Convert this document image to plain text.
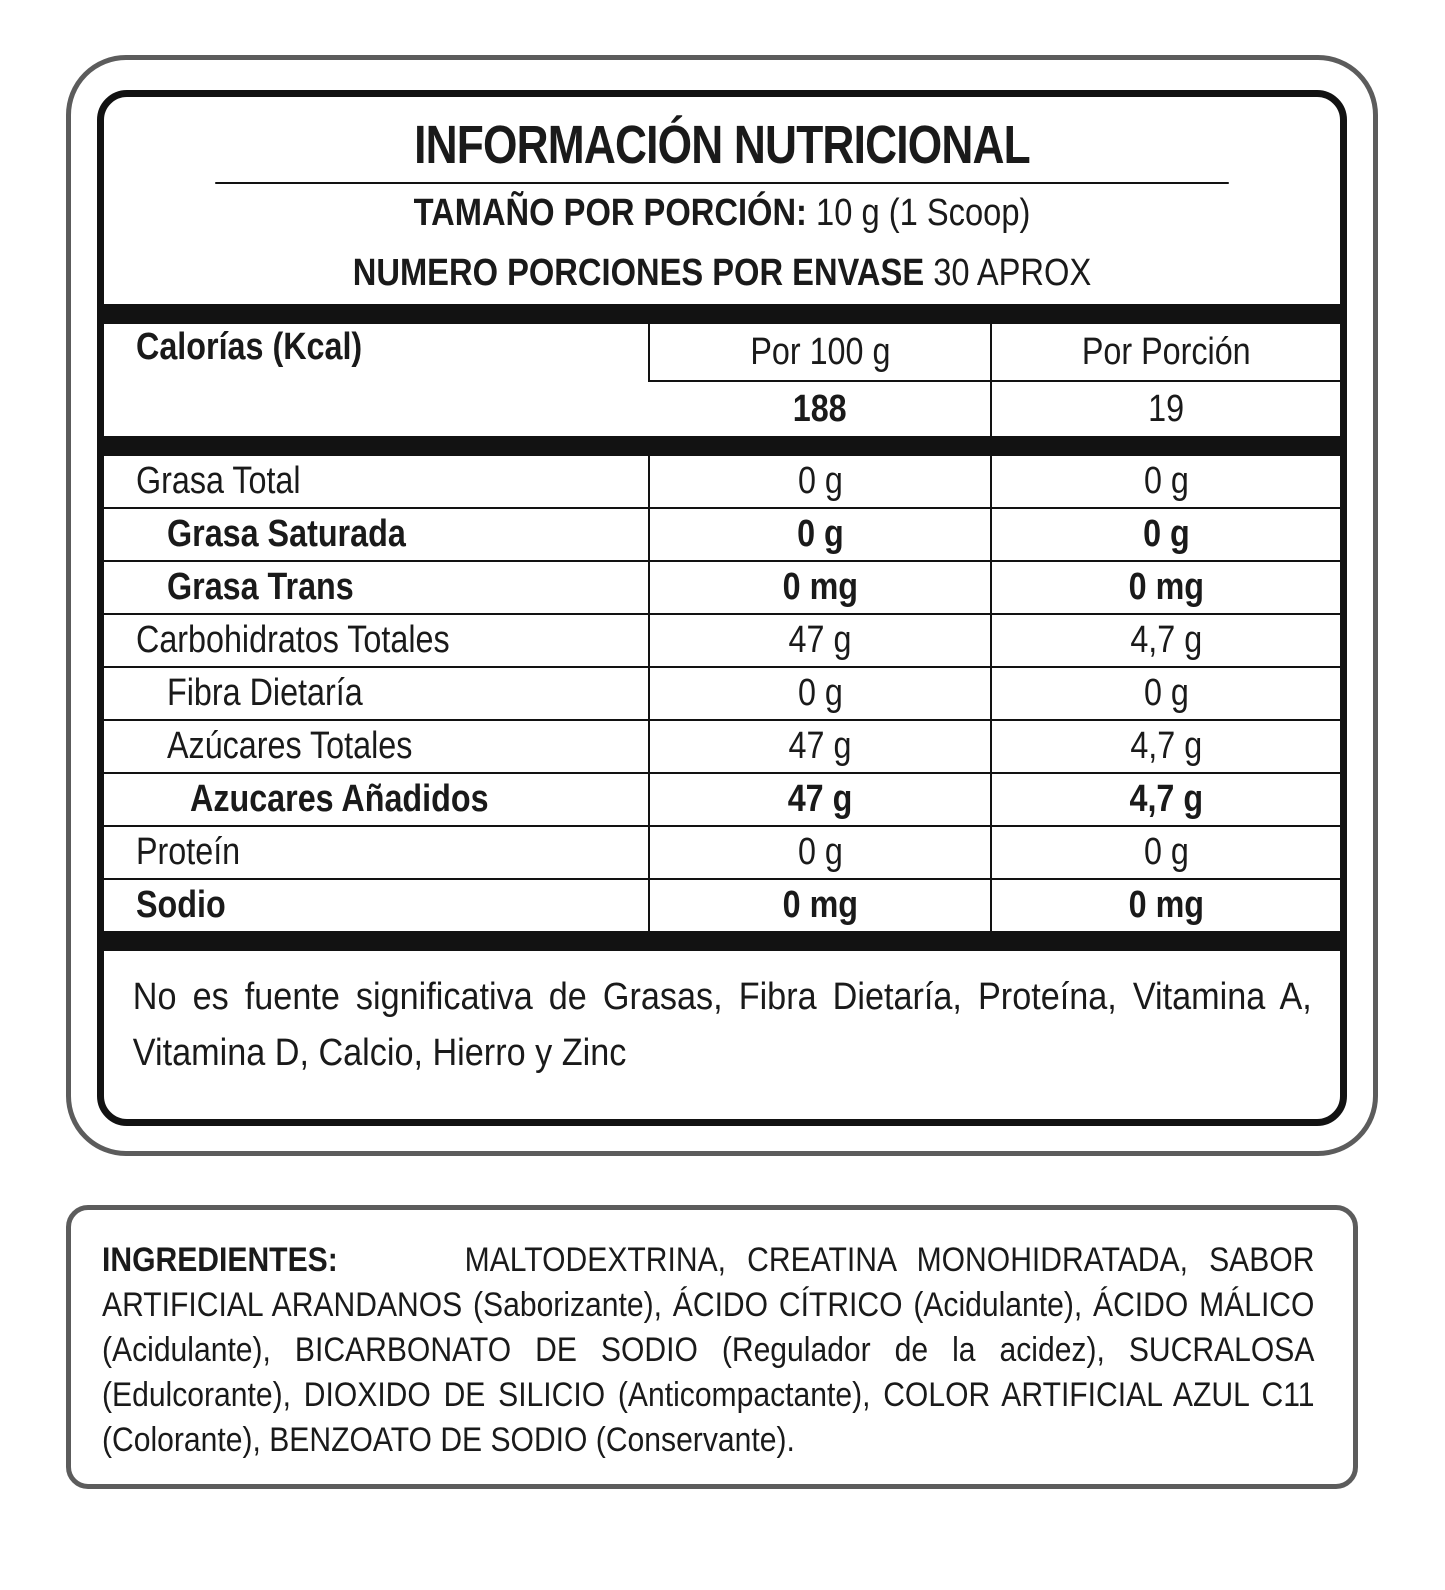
INFORMACIÓN NUTRICIONAL
TAMAÑO POR PORCIÓN: 10 g (1 Scoop)
NUMERO PORCIONES POR ENVASE 30 APROX
Calorías (Kcal)	Por 100 g	Por Porción
	188	19
Grasa Total	0 g	0 g
Grasa Saturada	0 g	0 g
Grasa Trans	0 mg	0 mg
Carbohidratos Totales	47 g	4,7 g
Fibra Dietaría	0 g	0 g
Azúcares Totales	47 g	4,7 g
Azucares Añadidos	47 g	4,7 g
Proteín	0 g	0 g
Sodio	0 mg	0 mg
No es fuente significativa de Grasas, Fibra Dietaría, Proteína, Vitamina A, Vitamina D, Calcio, Hierro y Zinc
INGREDIENTES:	MALTODEXTRINA, CREATINA MONOHIDRATADA, SABOR ARTIFICIAL ARANDANOS (Saborizante), ÁCIDO CÍTRICO (Acidulante), ÁCIDO MÁLICO (Acidulante), BICARBONATO DE SODIO (Regulador de la acidez), SUCRALOSA (Edulcorante), DIOXIDO DE SILICIO (Anticompactante), COLOR ARTIFICIAL AZUL C11 (Colorante), BENZOATO DE SODIO (Conservante).
